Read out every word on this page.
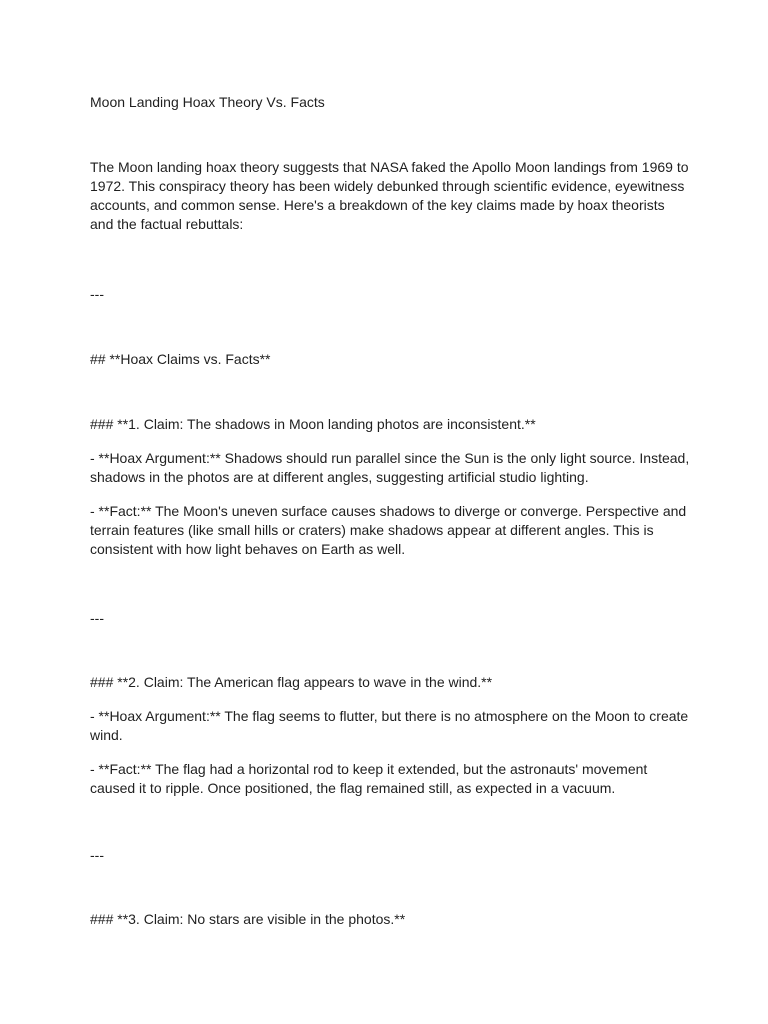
Moon Landing Hoax Theory Vs. Facts

The Moon landing hoax theory suggests that NASA faked the Apollo Moon landings from 1969 to 1972. This conspiracy theory has been widely debunked through scientific evidence, eyewitness accounts, and common sense. Here's a breakdown of the key claims made by hoax theorists and the factual rebuttals:

---

## **Hoax Claims vs. Facts**

### **1. Claim: The shadows in Moon landing photos are inconsistent.**

- **Hoax Argument:** Shadows should run parallel since the Sun is the only light source. Instead, shadows in the photos are at different angles, suggesting artificial studio lighting.

- **Fact:** The Moon's uneven surface causes shadows to diverge or converge. Perspective and terrain features (like small hills or craters) make shadows appear at different angles. This is consistent with how light behaves on Earth as well.

---

### **2. Claim: The American flag appears to wave in the wind.**

- **Hoax Argument:** The flag seems to flutter, but there is no atmosphere on the Moon to create wind.

- **Fact:** The flag had a horizontal rod to keep it extended, but the astronauts' movement caused it to ripple. Once positioned, the flag remained still, as expected in a vacuum.

---

### **3. Claim: No stars are visible in the photos.**
